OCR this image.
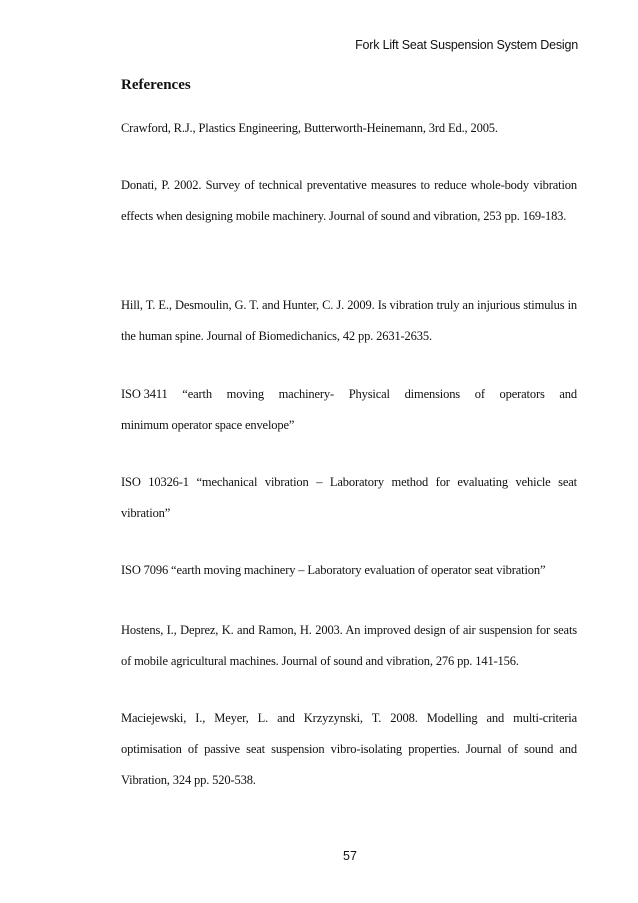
Fork Lift Seat Suspension System Design
References
Crawford, R.J., Plastics Engineering, Butterworth-Heinemann, 3rd Ed., 2005.
Donati, P. 2002. Survey of technical preventative measures to reduce whole-body vibration effects when designing mobile machinery. Journal of sound and vibration, 253 pp. 169-183.
Hill, T. E., Desmoulin, G. T. and Hunter, C. J. 2009. Is vibration truly an injurious stimulus in the human spine. Journal of Biomedichanics, 42 pp. 2631-2635.
ISO 3411 “earth moving machinery- Physical dimensions of operators and
minimum operator space envelope”
ISO 10326-1 “mechanical vibration – Laboratory method for evaluating vehicle seat vibration”
ISO 7096 “earth moving machinery – Laboratory evaluation of operator seat vibration”
Hostens, I., Deprez, K. and Ramon, H. 2003. An improved design of air suspension for seats of mobile agricultural machines. Journal of sound and vibration, 276 pp. 141-156.
Maciejewski, I., Meyer, L. and Krzyzynski, T. 2008. Modelling and multi-criteria optimisation of passive seat suspension vibro-isolating properties. Journal of sound and Vibration, 324 pp. 520-538.
57
